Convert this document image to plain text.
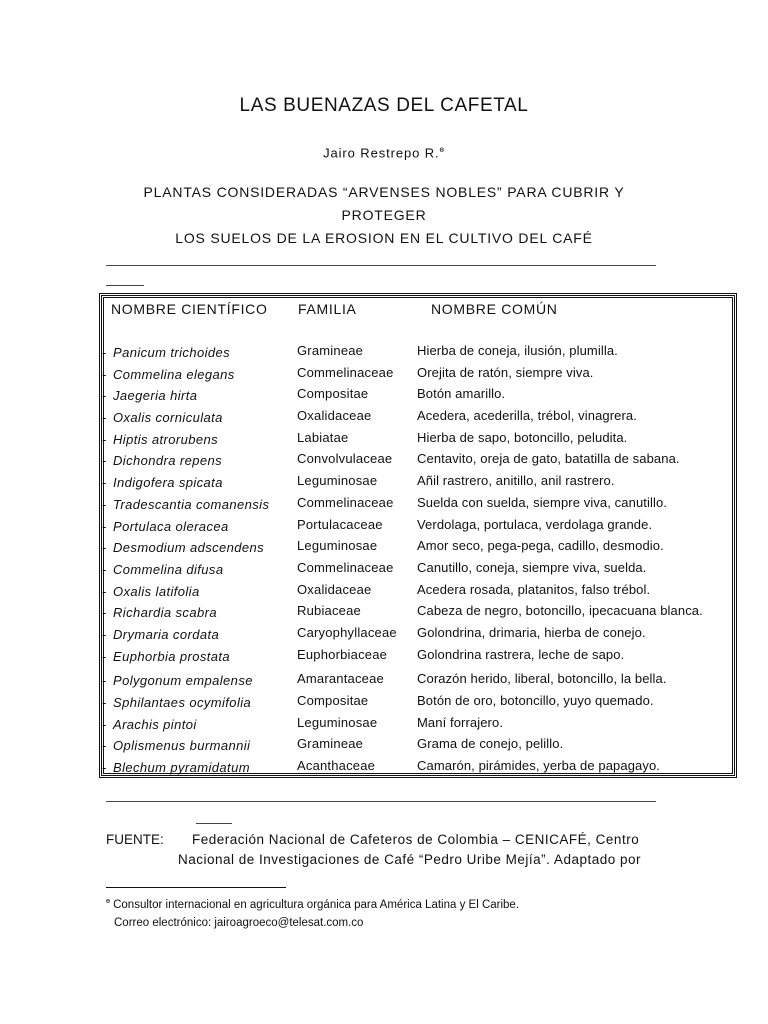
LAS BUENAZAS DEL CAFETAL
Jairo Restrepo R.$^ɵ$
PLANTAS CONSIDERADAS “ARVENSES NOBLES” PARA CUBRIR Y
PROTEGER
LOS SUELOS DE LA EROSION EN EL CULTIVO DEL CAFÉ
NOMBRE CIENTÍFICO FAMILIA	NOMBRE COMÚN
- Panicum trichoides	Gramineae	Hierba de coneja, ilusión, plumilla.
- Commelina elegans	Commelinaceae Orejita de ratón, siempre viva.
- Jaegeria hirta	Compositae	Botón amarillo.
- Oxalis corniculata	Oxalidaceae	Acedera, acederilla, trébol, vinagrera.
- Hiptis atrorubens	Labiatae	Hierba de sapo, botoncillo, peludita.
- Dichondra repens	Convolvulaceae Centavito, oreja de gato, batatilla de sabana.
- Indigofera spicata	Leguminosae	Añil rastrero, anitillo, anil rastrero.
- Tradescantia comanensis Commelinaceae Suelda con suelda, siempre viva, canutillo.
- Portulaca oleracea	Portulacaceae	Verdolaga, portulaca, verdolaga grande.
- Desmodium adscendens	Leguminosae	Amor seco, pega-pega, cadillo, desmodio.
- Commelina difusa	Commelinaceae Canutillo, coneja, siempre viva, suelda.
- Oxalis latifolia	Oxalidaceae	Acedera rosada, platanitos, falso trébol.
- Richardia scabra	Rubiaceae	Cabeza de negro, botoncillo, ipecacuana blanca.
- Drymaria cordata	Caryophyllaceae Golondrina, drimaria, hierba de conejo.
- Euphorbia prostata	Euphorbiaceae Golondrina rastrera, leche de sapo.
- Polygonum empalense	Amarantaceae	Corazón herido, liberal, botoncillo, la bella.
- Sphilantaes ocymifolia	Compositae	Botón de oro, botoncillo, yuyo quemado.
- Arachis pintoi	Leguminosae	Maní forrajero.
- Oplismenus burmannii	Gramineae	Grama de conejo, pelillo.
- Blechum pyramidatum	Acanthaceae	Camarón, pirámides, yerba de papagayo.
FUENTE: Federación Nacional de Cafeteros de Colombia – CENICAFÉ, Centro
Nacional de Investigaciones de Café “Pedro Uribe Mejía”. Adaptado por
$^ɵ$ Consultor internacional en agricultura orgánica para América Latina y El Caribe.
Correo electrónico: jairoagroeco@telesat.com.co
